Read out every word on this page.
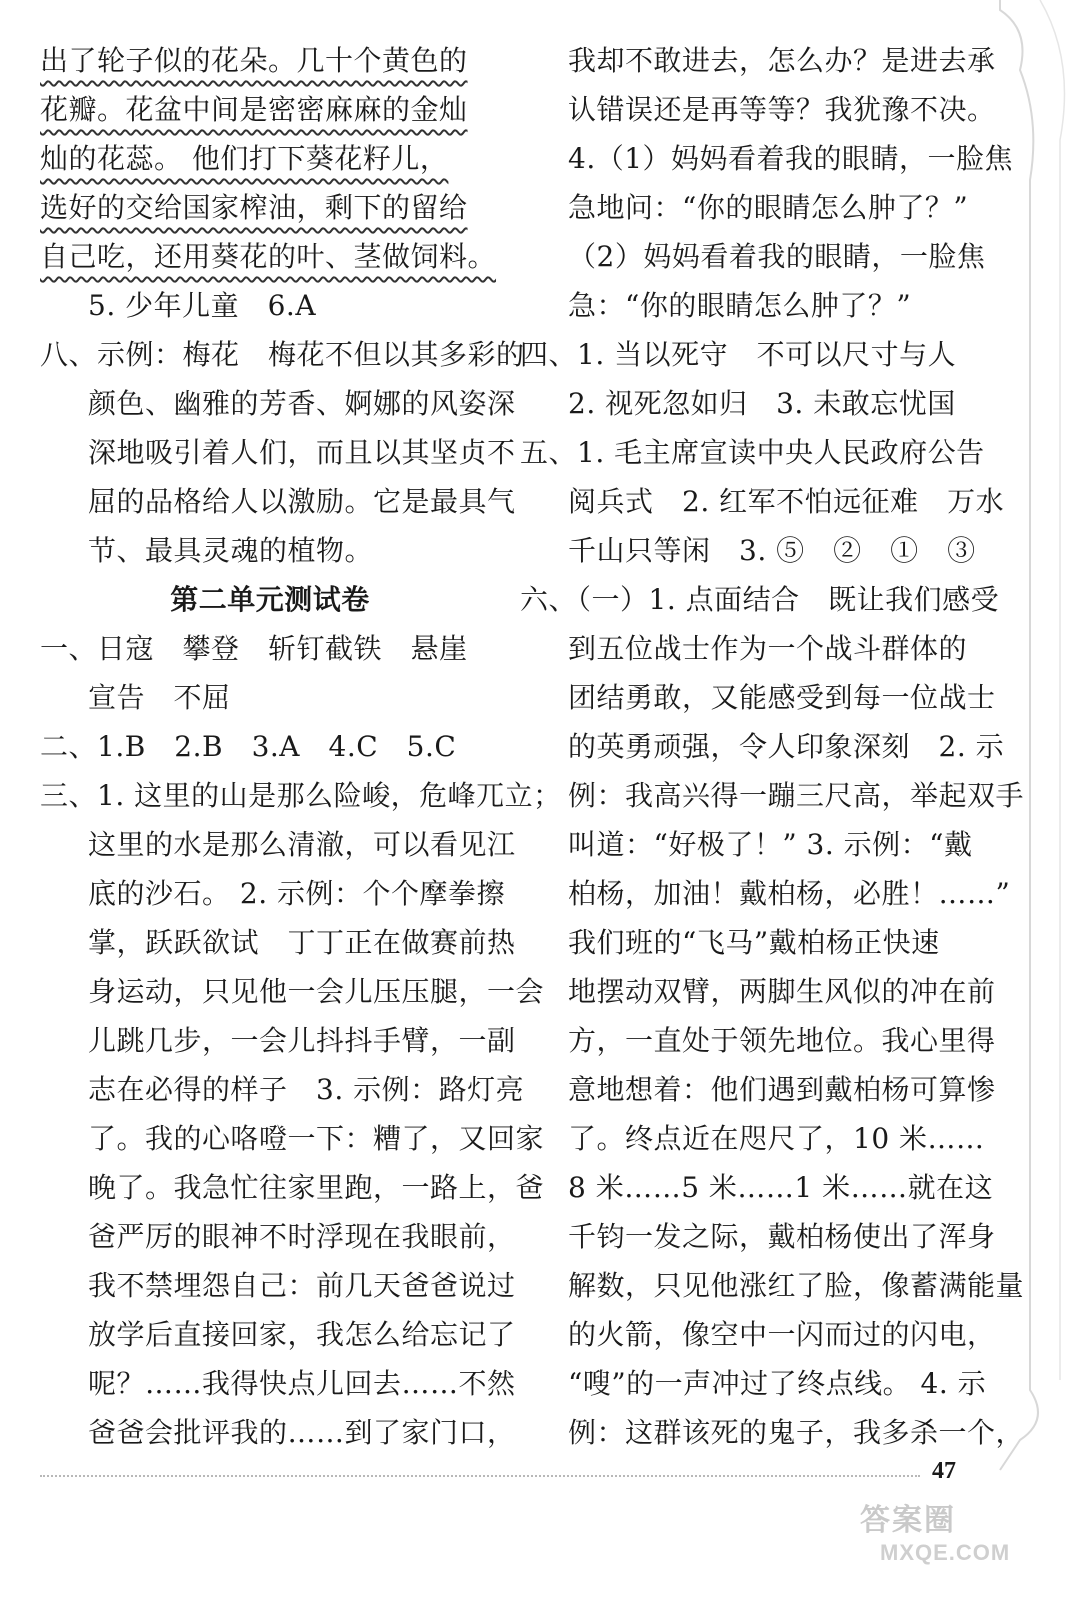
出了轮子似的花朵。几十个黄色的
花瓣。花盆中间是密密麻麻的金灿
灿的花蕊。 他们打下葵花籽儿，
选好的交给国家榨油，剩下的留给
自己吃，还用葵花的叶、茎做饲料。
5. 少年儿童　6.A
八、示例：梅花　梅花不但以其多彩的
颜色、幽雅的芳香、婀娜的风姿深
深地吸引着人们，而且以其坚贞不
屈的品格给人以激励。它是最具气
节、最具灵魂的植物。
第二单元测试卷
一、日寇　攀登　斩钉截铁　悬崖
宣告　不屈
二、1.B　2.B　3.A　4.C　5.C
三、1. 这里的山是那么险峻，危峰兀立；
这里的水是那么清澈，可以看见江
底的沙石。 2. 示例：个个摩拳擦
掌，跃跃欲试　丁丁正在做赛前热
身运动，只见他一会儿压压腿，一会
儿跳几步，一会儿抖抖手臂，一副
志在必得的样子　3. 示例：路灯亮
了。我的心咯噔一下：糟了，又回家
晚了。我急忙往家里跑，一路上，爸
爸严厉的眼神不时浮现在我眼前，
我不禁埋怨自己：前几天爸爸说过
放学后直接回家，我怎么给忘记了
呢？……我得快点儿回去……不然
爸爸会批评我的……到了家门口，
我却不敢进去，怎么办？是进去承
认错误还是再等等？我犹豫不决。
4.（1）妈妈看着我的眼睛，一脸焦
急地问：“你的眼睛怎么肿了？”
（2）妈妈看着我的眼睛，一脸焦
急：“你的眼睛怎么肿了？”
四、1. 当以死守　不可以尺寸与人
2. 视死忽如归　3. 未敢忘忧国
五、1. 毛主席宣读中央人民政府公告
阅兵式　2. 红军不怕远征难　万水
千山只等闲　3. ⑤　②　①　③
六、（一）1. 点面结合　既让我们感受
到五位战士作为一个战斗群体的
团结勇敢，又能感受到每一位战士
的英勇顽强，令人印象深刻　2. 示
例：我高兴得一蹦三尺高，举起双手
叫道：“好极了！” 3. 示例：“戴
柏杨，加油！戴柏杨，必胜！……”
我们班的“飞马”戴柏杨正快速
地摆动双臂，两脚生风似的冲在前
方，一直处于领先地位。我心里得
意地想着：他们遇到戴柏杨可算惨
了。终点近在咫尺了，10 米……
8 米……5 米……1 米……就在这
千钧一发之际，戴柏杨使出了浑身
解数，只见他涨红了脸，像蓄满能量
的火箭，像空中一闪而过的闪电，
“嗖”的一声冲过了终点线。 4. 示
例：这群该死的鬼子，我多杀一个，
47
答案圈
MXQE.COM
